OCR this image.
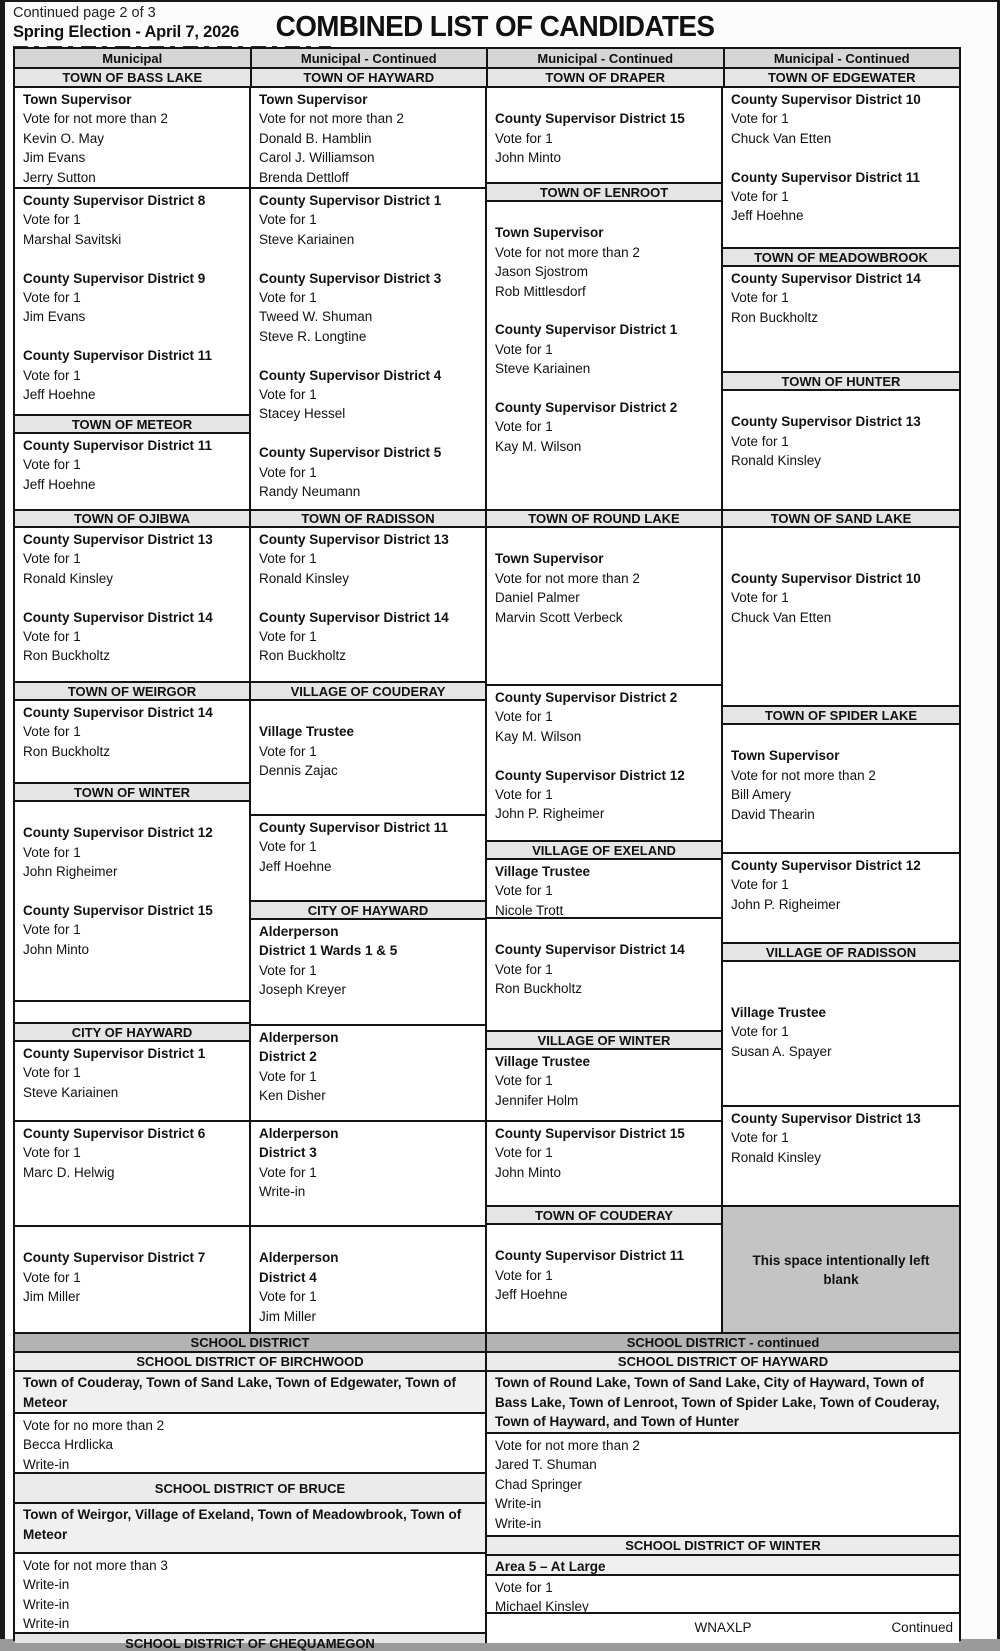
Continued page 2 of 3
Spring Election - April 7, 2026	COMBINED LIST OF CANDIDATES
Municipal	Municipal - Continued	Municipal - Continued	Municipal - Continued
TOWN OF BASS LAKE	TOWN OF HAYWARD	TOWN OF DRAPER	TOWN OF EDGEWATER
Town Supervisor
Vote for not more than 2
Kevin O. May
Jim Evans
Jerry Sutton
County Supervisor District 8
Vote for 1
Marshal Savitski

County Supervisor District 9
Vote for 1
Jim Evans

County Supervisor District 11
Vote for 1
Jeff Hoehne
TOWN OF METEOR
County Supervisor District 11
Vote for 1
Jeff Hoehne
TOWN OF OJIBWA
County Supervisor District 13
Vote for 1
Ronald Kinsley

County Supervisor District 14
Vote for 1
Ron Buckholtz
TOWN OF WEIRGOR
County Supervisor District 14
Vote for 1
Ron Buckholtz
TOWN OF WINTER

County Supervisor District 12
Vote for 1
John Righeimer

County Supervisor District 15
Vote for 1
John Minto
CITY OF HAYWARD
County Supervisor District 1
Vote for 1
Steve Kariainen
County Supervisor District 6
Vote for 1
Marc D. Helwig

County Supervisor District 7
Vote for 1
Jim Miller
Town Supervisor
Vote for not more than 2
Donald B. Hamblin
Carol J. Williamson
Brenda Dettloff
County Supervisor District 1
Vote for 1
Steve Kariainen

County Supervisor District 3
Vote for 1
Tweed W. Shuman
Steve R. Longtine

County Supervisor District 4
Vote for 1
Stacey Hessel

County Supervisor District 5
Vote for 1
Randy Neumann
TOWN OF RADISSON
County Supervisor District 13
Vote for 1
Ronald Kinsley

County Supervisor District 14
Vote for 1
Ron Buckholtz
VILLAGE OF COUDERAY

Village Trustee
Vote for 1
Dennis Zajac
County Supervisor District 11
Vote for 1
Jeff Hoehne
CITY OF HAYWARD
Alderperson
District 1 Wards 1 & 5
Vote for 1
Joseph Kreyer
Alderperson
District 2
Vote for 1
Ken Disher
Alderperson
District 3
Vote for 1
Write-in

Alderperson
District 4
Vote for 1
Jim Miller

County Supervisor District 15
Vote for 1
John Minto
TOWN OF LENROOT

Town Supervisor
Vote for not more than 2
Jason Sjostrom
Rob Mittlesdorf

County Supervisor District 1
Vote for 1
Steve Kariainen

County Supervisor District 2
Vote for 1
Kay M. Wilson
TOWN OF ROUND LAKE

Town Supervisor
Vote for not more than 2
Daniel Palmer
Marvin Scott Verbeck
County Supervisor District 2
Vote for 1
Kay M. Wilson

County Supervisor District 12
Vote for 1
John P. Righeimer
VILLAGE OF EXELAND
Village Trustee
Vote for 1
Nicole Trott

County Supervisor District 14
Vote for 1
Ron Buckholtz
VILLAGE OF WINTER
Village Trustee
Vote for 1
Jennifer Holm
County Supervisor District 15
Vote for 1
John Minto
TOWN OF COUDERAY

County Supervisor District 11
Vote for 1
Jeff Hoehne
County Supervisor District 10
Vote for 1
Chuck Van Etten

County Supervisor District 11
Vote for 1
Jeff Hoehne
TOWN OF MEADOWBROOK
County Supervisor District 14
Vote for 1
Ron Buckholtz
TOWN OF HUNTER

County Supervisor District 13
Vote for 1
Ronald Kinsley
TOWN OF SAND LAKE

County Supervisor District 10
Vote for 1
Chuck Van Etten
TOWN OF SPIDER LAKE

Town Supervisor
Vote for not more than 2
Bill Amery
David Thearin
County Supervisor District 12
Vote for 1
John P. Righeimer
VILLAGE OF RADISSON

Village Trustee
Vote for 1
Susan A. Spayer
County Supervisor District 13
Vote for 1
Ronald Kinsley
This space intentionally left blank
SCHOOL DISTRICT
SCHOOL DISTRICT OF BIRCHWOOD
Town of Couderay, Town of Sand Lake, Town of Edgewater, Town of Meteor
Vote for no more than 2
Becca Hrdlicka
Write-in
SCHOOL DISTRICT OF BRUCE
Town of Weirgor, Village of Exeland, Town of Meadowbrook, Town of Meteor
Vote for not more than 3
Write-in
Write-in
Write-in
SCHOOL DISTRICT OF CHEQUAMEGON
SCHOOL DISTRICT - continued
SCHOOL DISTRICT OF HAYWARD
Town of Round Lake, Town of Sand Lake, City of Hayward, Town of Bass Lake, Town of Lenroot, Town of Spider Lake, Town of Couderay, Town of Hayward, and Town of Hunter
Vote for not more than 2
Jared T. Shuman
Chad Springer
Write-in
Write-in
SCHOOL DISTRICT OF WINTER
Area 5 – At Large
Vote for 1
Michael Kinsley
WNAXLP	Continued
